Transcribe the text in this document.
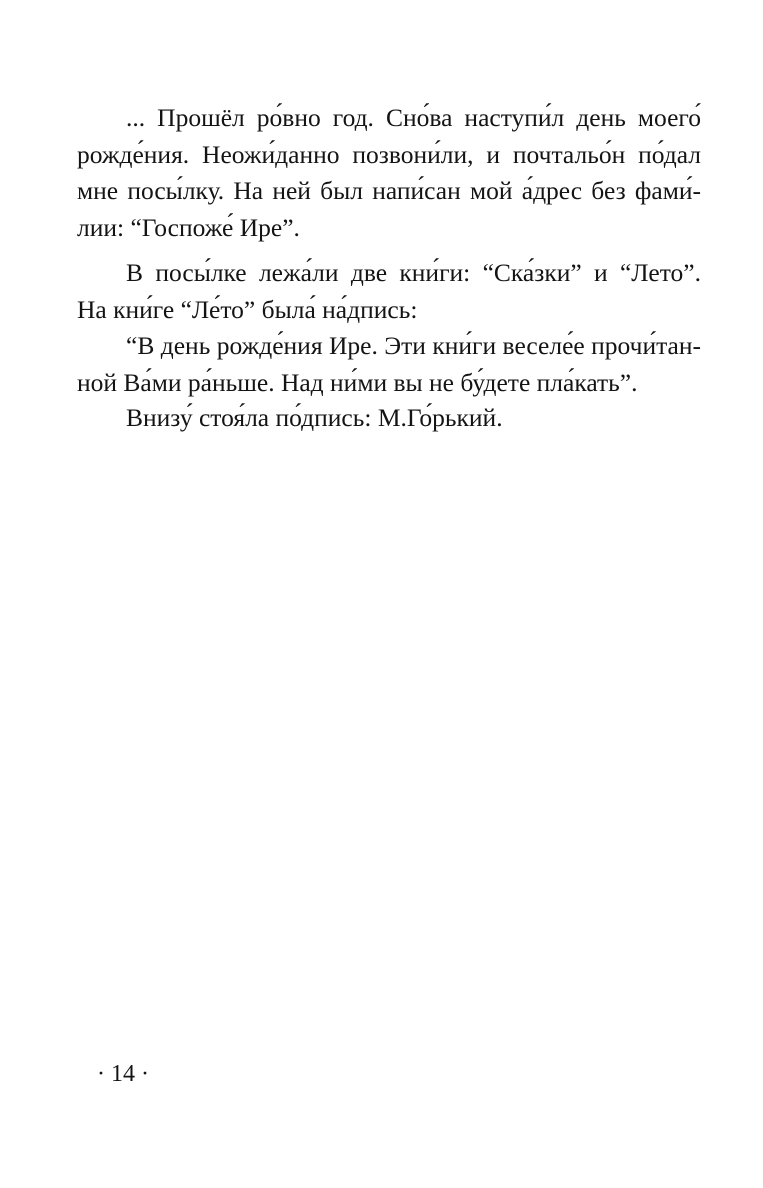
... Прошёл ро́вно год. Сно́ва наступи́л день моего́
рожде́ния. Неожи́данно позвони́ли, и почтальо́н по́дал
мне посы́лку. На ней был напи́сан мой а́дрес без фами́-
лии: “Госпоже́ Ире”.
В посы́лке лежа́ли две кни́ги: “Ска́зки” и “Лето”.
На кни́ге “Ле́то” была́ на́дпись:
“В день рожде́ния Ире. Эти кни́ги веселе́е прочи́тан-
ной Ва́ми ра́ньше. Над ни́ми вы не бу́дете пла́кать”.
Внизу́ стоя́ла по́дпись: М.Го́рький.
· 14 ·
